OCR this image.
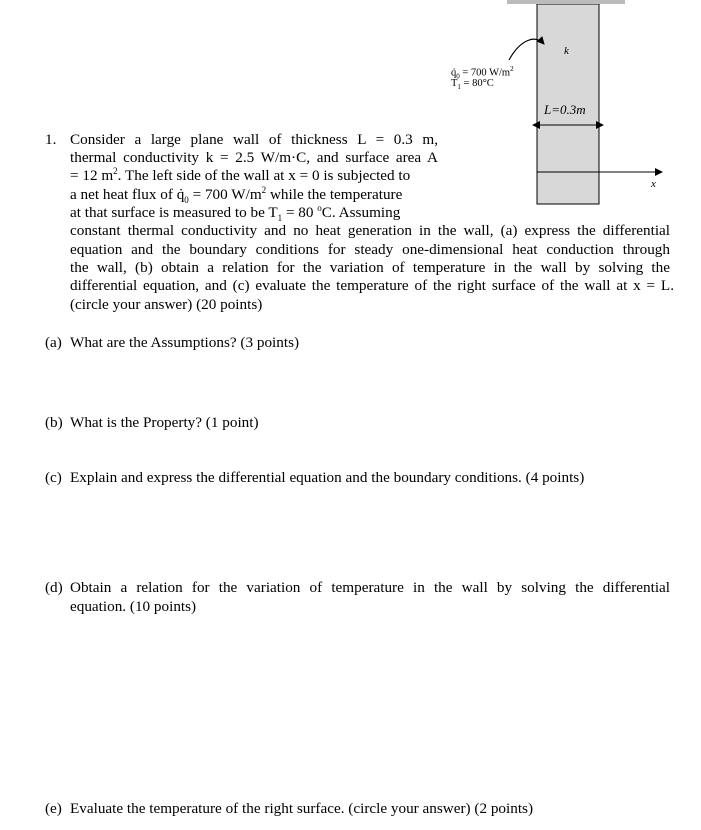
$q̇_0 = 700$ $W/m^2$
$T_1 = 80^\circ C$
k
L=0.3m
x
1. Consider a large plane wall of thickness L = 0.3 m,
thermal conductivity k = 2.5 W/m·C, and surface area A
= 12 $m^2$. The left side of the wall at x = 0 is subjected to
a net heat flux of $q̇_0 = 700$ $W/m^2$ while the temperature
at that surface is measured to be $T_1 = 80$ $^o$C. Assuming
constant thermal conductivity and no heat generation in the wall, (a) express the differential
equation and the boundary conditions for steady one-dimensional heat conduction through
the wall, (b) obtain a relation for the variation of temperature in the wall by solving the
differential equation, and (c) evaluate the temperature of the right surface of the wall at x = L.
(circle your answer) (20 points)
(a) What are the Assumptions? (3 points)
(b) What is the Property? (1 point)
(c) Explain and express the differential equation and the boundary conditions. (4 points)
(d) Obtain a relation for the variation of temperature in the wall by solving the differential
equation. (10 points)
(e) Evaluate the temperature of the right surface. (circle your answer) (2 points)
